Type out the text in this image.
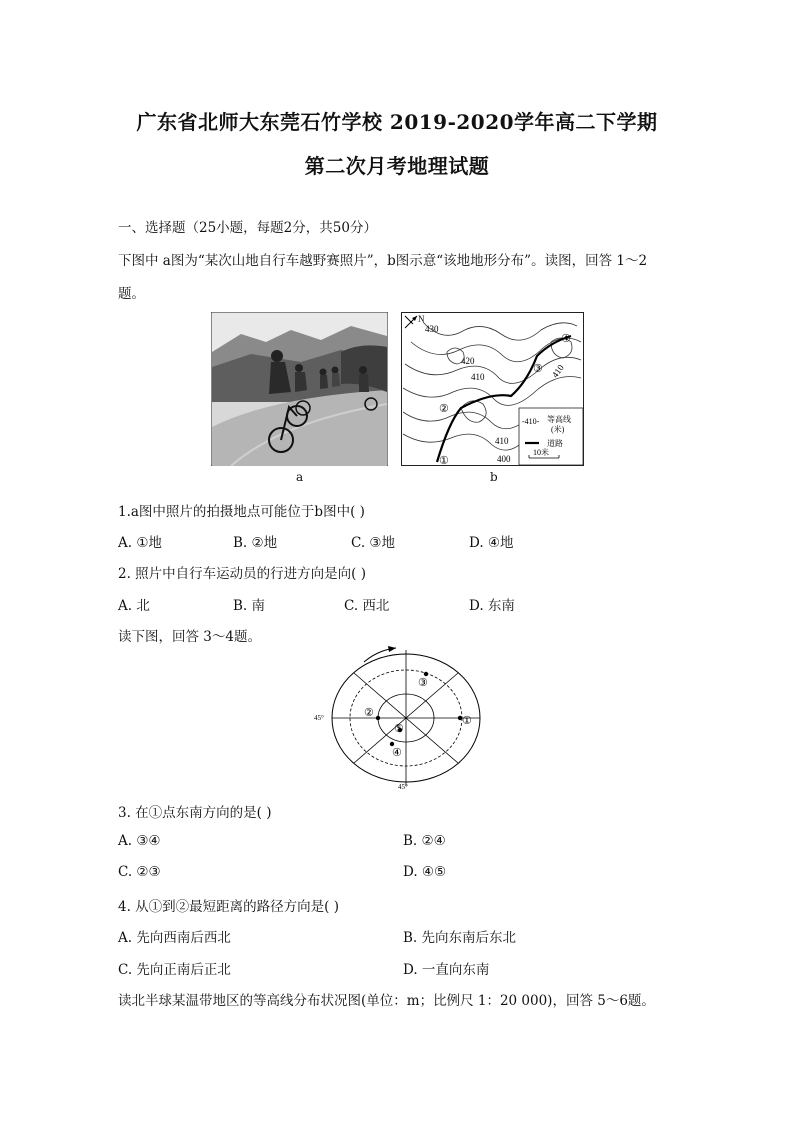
广东省北师大东莞石竹学校 2019-2020学年高二下学期
第二次月考地理试题
一、选择题（25小题，每题2分，共50分）
下图中 a图为“某次山地自行车越野赛照片”，b图示意“该地地形分布”。读图，回答 1～2
题。
a
N
430
420
410
410
400
410
①
②
③
④
-410- 等高线
(米)
道路
10米
b
1.a图中照片的拍摄地点可能位于b图中( )
A. ①地	B. ②地	C. ③地	D. ④地
2. 照片中自行车运动员的行进方向是向( )
A. 北	B. 南	C. 西北	D. 东南
读下图，回答 3～4题。
45°
45°
①
②
③
④
⑤
3. 在①点东南方向的是( )
A. ③④	B. ②④
C. ②③	D. ④⑤
4. 从①到②最短距离的路径方向是( )
A. 先向西南后西北	B. 先向东南后东北
C. 先向正南后正北	D. 一直向东南
读北半球某温带地区的等高线分布状况图(单位：m；比例尺 1：20 000)，回答 5～6题。
